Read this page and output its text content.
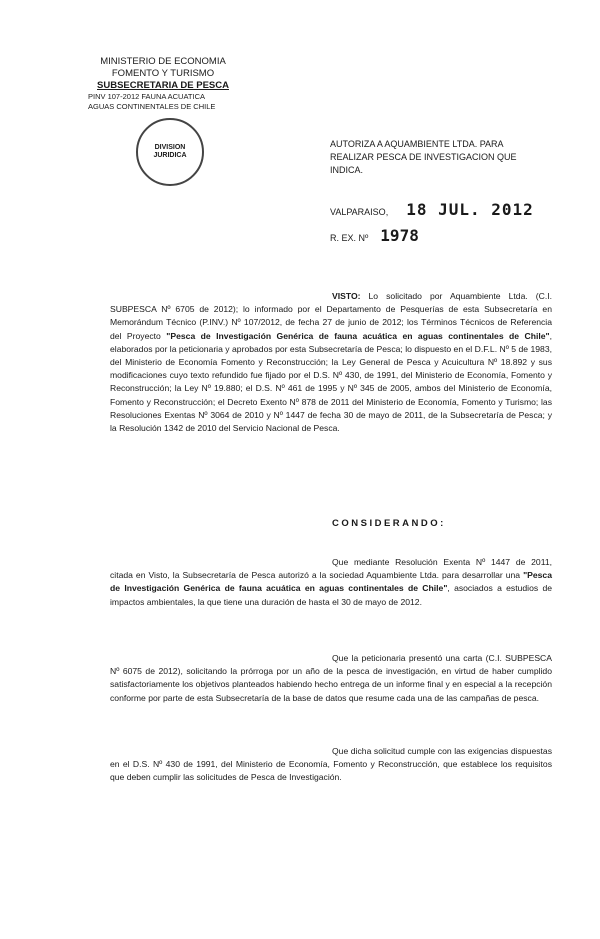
MINISTERIO DE ECONOMIA
FOMENTO Y TURISMO
SUBSECRETARIA DE PESCA
PINV 107-2012 FAUNA ACUATICA
AGUAS CONTINENTALES DE CHILE
DIVISION
JURIDICA
AUTORIZA A AQUAMBIENTE LTDA. PARA REALIZAR PESCA DE INVESTIGACION QUE INDICA.
VALPARAISO, 18 JUL. 2012
R. EX. Nº 1978
VISTO: Lo solicitado por Aquambiente Ltda. (C.I. SUBPESCA Nº 6705 de 2012); lo informado por el Departamento de Pesquerías de esta Subsecretaría en Memorándum Técnico (P.INV.) Nº 107/2012, de fecha 27 de junio de 2012; los Términos Técnicos de Referencia del Proyecto "Pesca de Investigación Genérica de fauna acuática en aguas continentales de Chile", elaborados por la peticionaria y aprobados por esta Subsecretaría de Pesca; lo dispuesto en el D.F.L. Nº 5 de 1983, del Ministerio de Economía Fomento y Reconstrucción; la Ley General de Pesca y Acuicultura Nº 18.892 y sus modificaciones cuyo texto refundido fue fijado por el D.S. Nº 430, de 1991, del Ministerio de Economía, Fomento y Reconstrucción; la Ley Nº 19.880; el D.S. Nº 461 de 1995 y Nº 345 de 2005, ambos del Ministerio de Economía, Fomento y Reconstrucción; el Decreto Exento Nº 878 de 2011 del Ministerio de Economía, Fomento y Turismo; las Resoluciones Exentas Nº 3064 de 2010 y Nº 1447 de fecha 30 de mayo de 2011, de la Subsecretaría de Pesca; y la Resolución 1342 de 2010 del Servicio Nacional de Pesca.
CONSIDERANDO:
Que mediante Resolución Exenta Nº 1447 de 2011, citada en Visto, la Subsecretaría de Pesca autorizó a la sociedad Aquambiente Ltda. para desarrollar una "Pesca de Investigación Genérica de fauna acuática en aguas continentales de Chile", asociados a estudios de impactos ambientales, la que tiene una duración de hasta el 30 de mayo de 2012.
Que la peticionaria presentó una carta (C.I. SUBPESCA Nº 6075 de 2012), solicitando la prórroga por un año de la pesca de investigación, en virtud de haber cumplido satisfactoriamente los objetivos planteados habiendo hecho entrega de un informe final y en especial a la recepción conforme por parte de esta Subsecretaría de la base de datos que resume cada una de las campañas de pesca.
Que dicha solicitud cumple con las exigencias dispuestas en el D.S. Nº 430 de 1991, del Ministerio de Economía, Fomento y Reconstrucción, que establece los requisitos que deben cumplir las solicitudes de Pesca de Investigación.
